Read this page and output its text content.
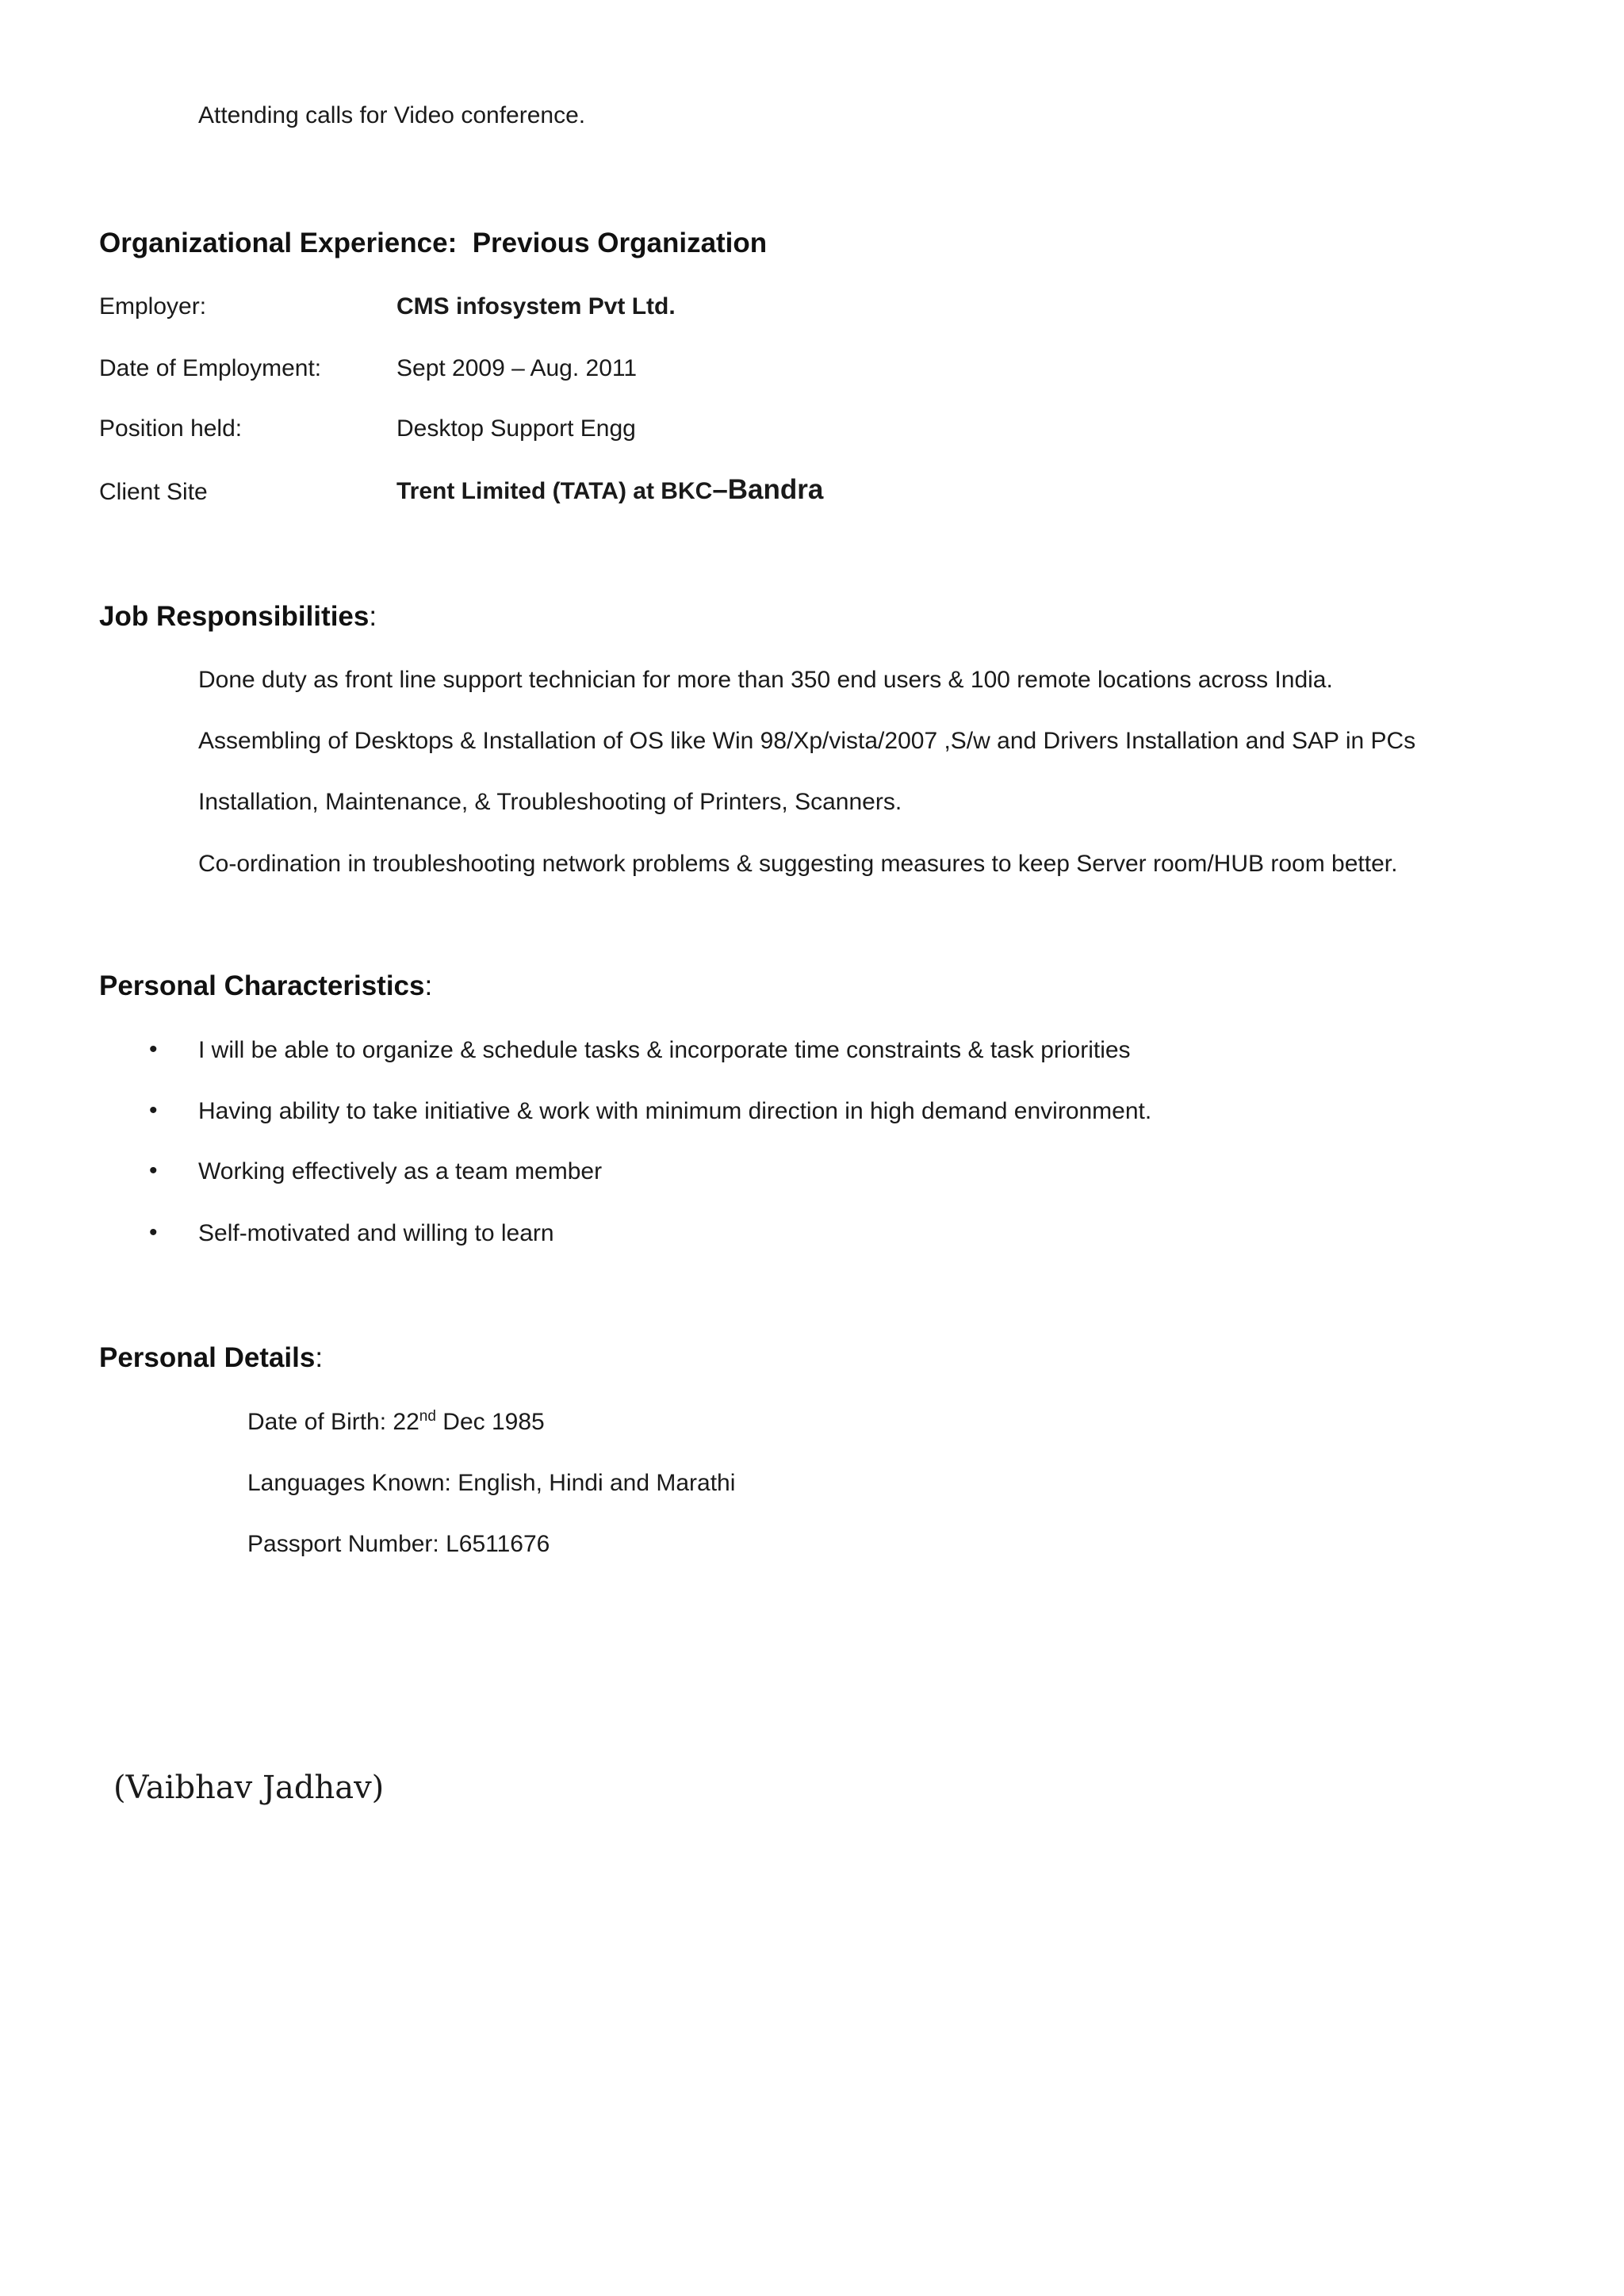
Attending calls for Video conference.
Organizational Experience: Previous Organization
Employer:	CMS infosystem Pvt Ltd.
Date of Employment:	Sept 2009 – Aug. 2011
Position held:	Desktop Support Engg
Client Site	Trent Limited (TATA) at BKC–Bandra
Job Responsibilities:
Done duty as front line support technician for more than 350 end users & 100 remote locations across India.
Assembling of Desktops & Installation of OS like Win 98/Xp/vista/2007 ,S/w and Drivers Installation and SAP in PCs
Installation, Maintenance, & Troubleshooting of Printers, Scanners.
Co-ordination in troubleshooting network problems & suggesting measures to keep Server room/HUB room better.
Personal Characteristics:
• I will be able to organize & schedule tasks & incorporate time constraints & task priorities
• Having ability to take initiative & work with minimum direction in high demand environment.
• Working effectively as a team member
• Self-motivated and willing to learn
Personal Details:
Date of Birth: 22nd Dec 1985
Languages Known: English, Hindi and Marathi
Passport Number: L6511676
(Vaibhav Jadhav)
